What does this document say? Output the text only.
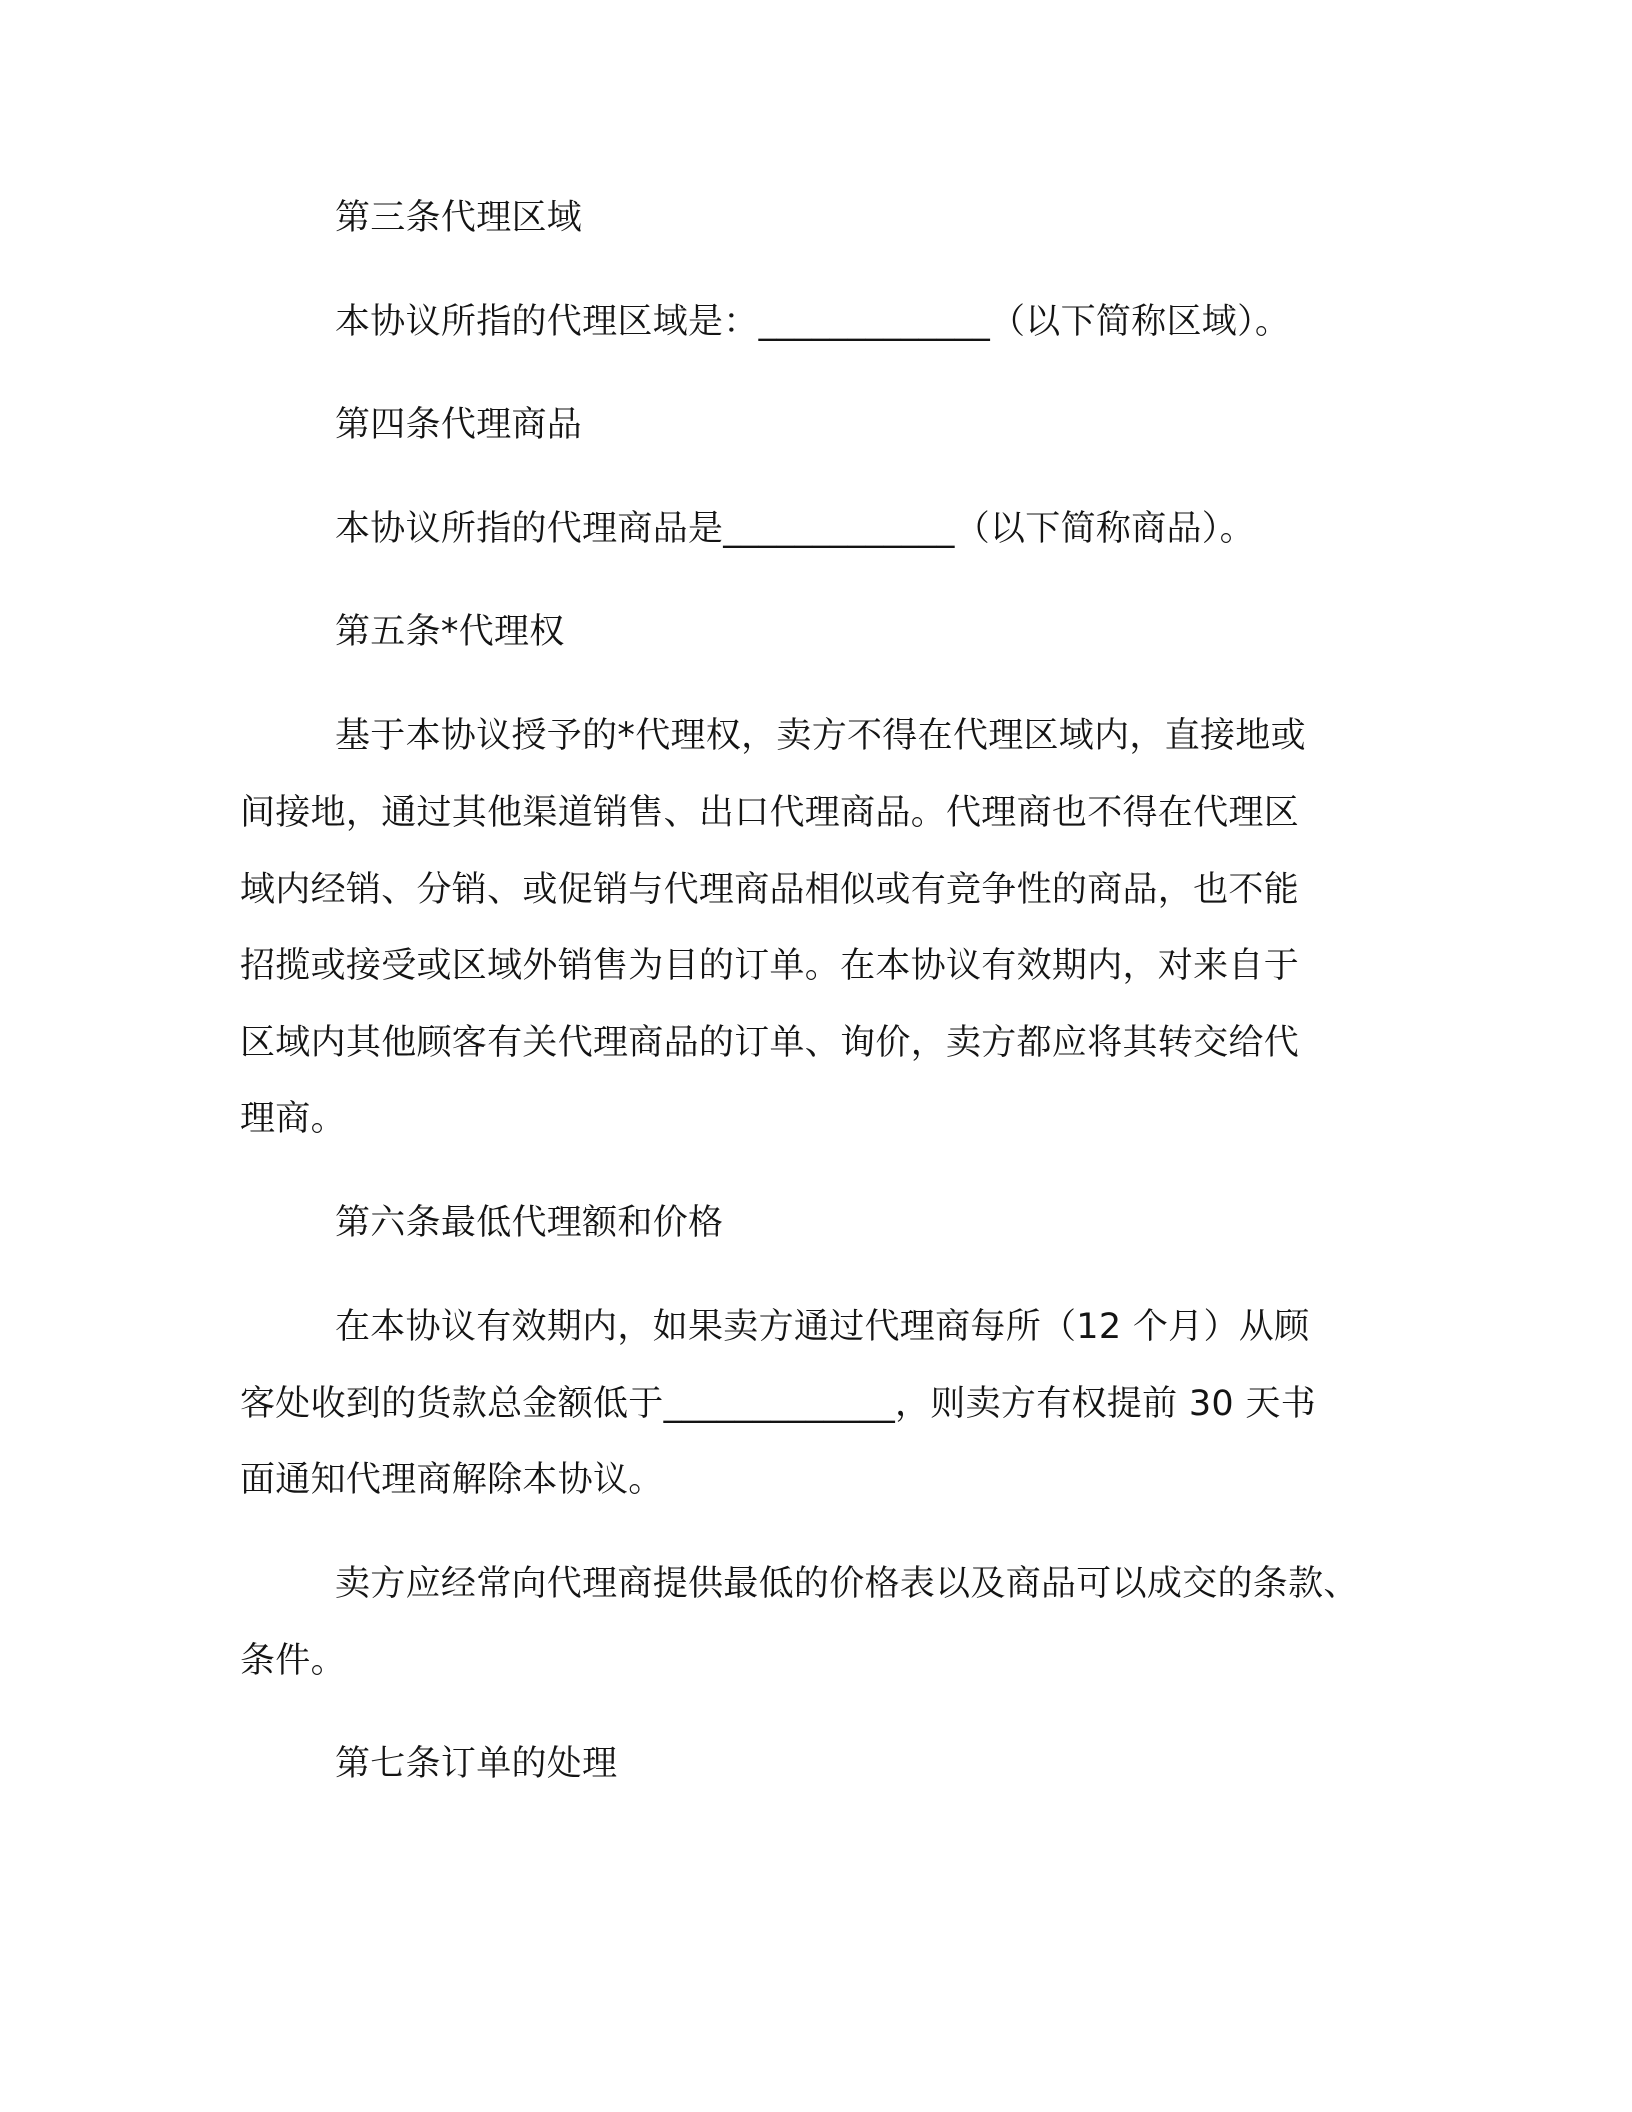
第三条代理区域
本协议所指的代理区域是：_____________（以下简称区域）。
第四条代理商品
本协议所指的代理商品是_____________（以下简称商品）。
第五条*代理权
基于本协议授予的*代理权，卖方不得在代理区域内，直接地或
间接地，通过其他渠道销售、出口代理商品。代理商也不得在代理区
域内经销、分销、或促销与代理商品相似或有竞争性的商品，也不能
招揽或接受或区域外销售为目的订单。在本协议有效期内，对来自于
区域内其他顾客有关代理商品的订单、询价，卖方都应将其转交给代
理商。
第六条最低代理额和价格
在本协议有效期内，如果卖方通过代理商每所（12 个月）从顾
客处收到的货款总金额低于_____________，则卖方有权提前 30 天书
面通知代理商解除本协议。
卖方应经常向代理商提供最低的价格表以及商品可以成交的条款、
条件。
第七条订单的处理
